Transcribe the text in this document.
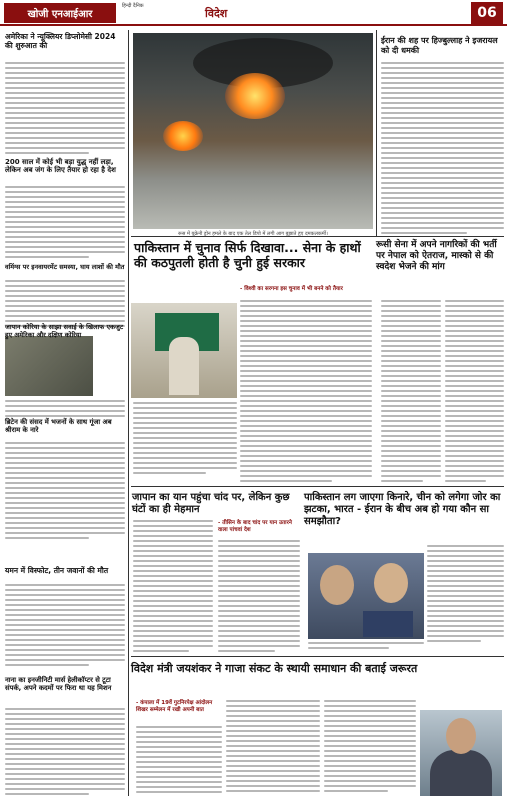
खोजी एनआईआर
हिन्दी दैनिक
विदेश	06
अमेरिका ने न्यूक्लियर डिप्लोमेसी 2024 की शुरुआत की
200 साल में कोई भी बड़ा युद्ध नहीं लड़ा, लेकिन अब जंग के लिए तैयार हो रहा है देश
वमिंग्स पर इनवायरमेंट समस्या, घाय लाशों की मौत
जापान कोरिया के साझा सवाई के खिलाफ एकजुट हुए अमेरिका और दक्षिण कोरिया
ब्रिटेन की संसद में भजनों के साथ गूंजा अब श्रीराम के नारे
यमन में विस्फोट, तीन जवानों की मौत
नाना का इनजीनिटी मार्स हेलीकॉप्टर से टूटा संपर्क, अपने कदमों पर फिरा था यह मिशन
रूस में यूक्रेनी ड्रोन हमले के बाद एक तेल डिपो में लगी आग बुझाते हुए दमकलकर्मी।
ईरान की शह पर हिज्बुल्लाह ने इजरायल को दी धमकी
पाकिस्तान में चुनाव सिर्फ दिखावा... सेना के हाथों की कठपुतली होती है चुनी हुई सरकार
रूसी सेना में अपने नागरिकों की भर्ती पर नेपाल को ऐतराज, मास्को से की स्वदेश भेजने की मांग
- विश्वी का सरगना इस चुनाव में भी बनने को तैयार
जापान का यान पहुंचा चांद पर, लेकिन कुछ घंटों का ही मेहमान
- तीसिन के बाद चांद पर यान उतारने वाला पांचवां देश
पाकिस्तान लग जाएगा किनारे, चीन को लगेगा जोर का झटका, भारत - ईरान के बीच अब हो गया कौन सा समझौता?
विदेश मंत्री जयशंकर ने गाजा संकट के स्थायी समाधान की बताई जरूरत
- कंपाला में 19वें गुटनिरपेक्ष आंदोलन शिखर सम्मेलन में रखी अपनी बात
